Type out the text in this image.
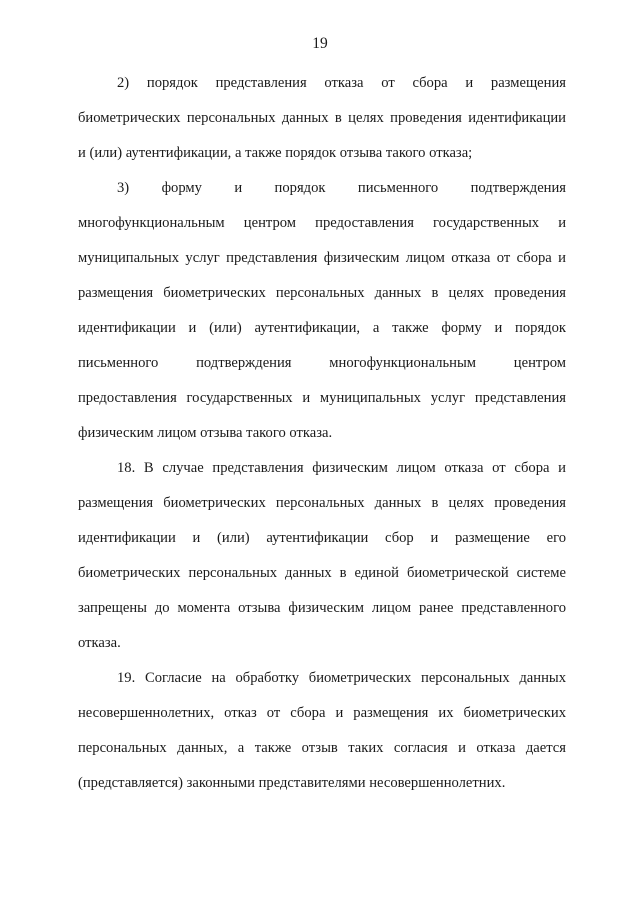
19
2) порядок представления отказа от сбора и размещения
биометрических персональных данных в целях проведения идентификации
и (или) аутентификации, а также порядок отзыва такого отказа;
3) форму и порядок письменного подтверждения
многофункциональным центром предоставления государственных и
муниципальных услуг представления физическим лицом отказа от сбора и
размещения биометрических персональных данных в целях проведения
идентификации и (или) аутентификации, а также форму и порядок
письменного подтверждения многофункциональным центром
предоставления государственных и муниципальных услуг представления
физическим лицом отзыва такого отказа.
18. В случае представления физическим лицом отказа от сбора и
размещения биометрических персональных данных в целях проведения
идентификации и (или) аутентификации сбор и размещение его
биометрических персональных данных в единой биометрической системе
запрещены до момента отзыва физическим лицом ранее представленного
отказа.
19. Согласие на обработку биометрических персональных данных
несовершеннолетних, отказ от сбора и размещения их биометрических
персональных данных, а также отзыв таких согласия и отказа дается
(представляется) законными представителями несовершеннолетних.
